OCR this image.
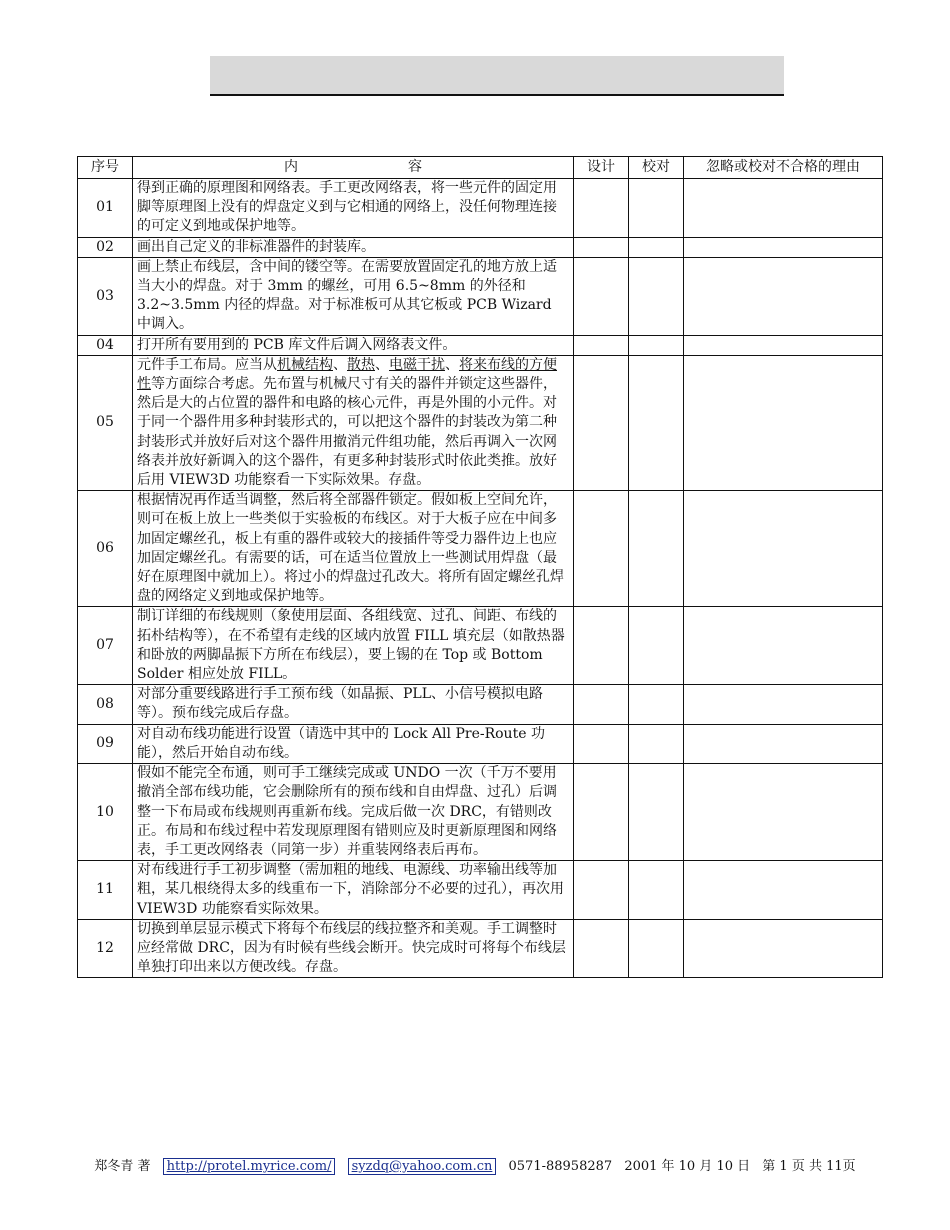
序号	内 容	设计	校对	忽略或校对不合格的理由
01	得到正确的原理图和网络表。手工更改网络表，将一些元件的固定用脚等原理图上没有的焊盘定义到与它相通的网络上，没任何物理连接的可定义到地或保护地等。			
02	画出自己定义的非标准器件的封装库。			
03	画上禁止布线层，含中间的镂空等。在需要放置固定孔的地方放上适当大小的焊盘。对于 3mm 的螺丝，可用 6.5~8mm 的外径和 3.2~3.5mm 内径的焊盘。对于标准板可从其它板或 PCB Wizard 中调入。			
04	打开所有要用到的 PCB 库文件后调入网络表文件。			
05	元件手工布局。应当从机械结构、散热、电磁干扰、将来布线的方便性等方面综合考虑。先布置与机械尺寸有关的器件并锁定这些器件，然后是大的占位置的器件和电路的核心元件，再是外围的小元件。对于同一个器件用多种封装形式的，可以把这个器件的封装改为第二种封装形式并放好后对这个器件用撤消元件组功能，然后再调入一次网络表并放好新调入的这个器件，有更多种封装形式时依此类推。放好后用 VIEW3D 功能察看一下实际效果。存盘。			
06	根据情况再作适当调整，然后将全部器件锁定。假如板上空间允许，则可在板上放上一些类似于实验板的布线区。对于大板子应在中间多加固定螺丝孔，板上有重的器件或较大的接插件等受力器件边上也应加固定螺丝孔。有需要的话，可在适当位置放上一些测试用焊盘（最好在原理图中就加上）。将过小的焊盘过孔改大。将所有固定螺丝孔焊盘的网络定义到地或保护地等。			
07	制订详细的布线规则（象使用层面、各组线宽、过孔、间距、布线的拓朴结构等），在不希望有走线的区域内放置 FILL 填充层（如散热器和卧放的两脚晶振下方所在布线层），要上锡的在 Top 或 Bottom Solder 相应处放 FILL。			
08	对部分重要线路进行手工预布线（如晶振、PLL、小信号模拟电路等）。预布线完成后存盘。			
09	对自动布线功能进行设置（请选中其中的 Lock All Pre-Route 功能），然后开始自动布线。			
10	假如不能完全布通，则可手工继续完成或 UNDO 一次（千万不要用撤消全部布线功能，它会删除所有的预布线和自由焊盘、过孔）后调整一下布局或布线规则再重新布线。完成后做一次 DRC，有错则改正。布局和布线过程中若发现原理图有错则应及时更新原理图和网络表，手工更改网络表（同第一步）并重装网络表后再布。			
11	对布线进行手工初步调整（需加粗的地线、电源线、功率输出线等加粗，某几根绕得太多的线重布一下，消除部分不必要的过孔），再次用 VIEW3D 功能察看实际效果。			
12	切换到单层显示模式下将每个布线层的线拉整齐和美观。手工调整时应经常做 DRC，因为有时候有些线会断开。快完成时可将每个布线层单独打印出来以方便改线。存盘。			
郑冬青 著 http://protel.myrice.com/ syzdq@yahoo.com.cn 0571-88958287 2001 年 10 月 10 日 第 1 页 共 11页
